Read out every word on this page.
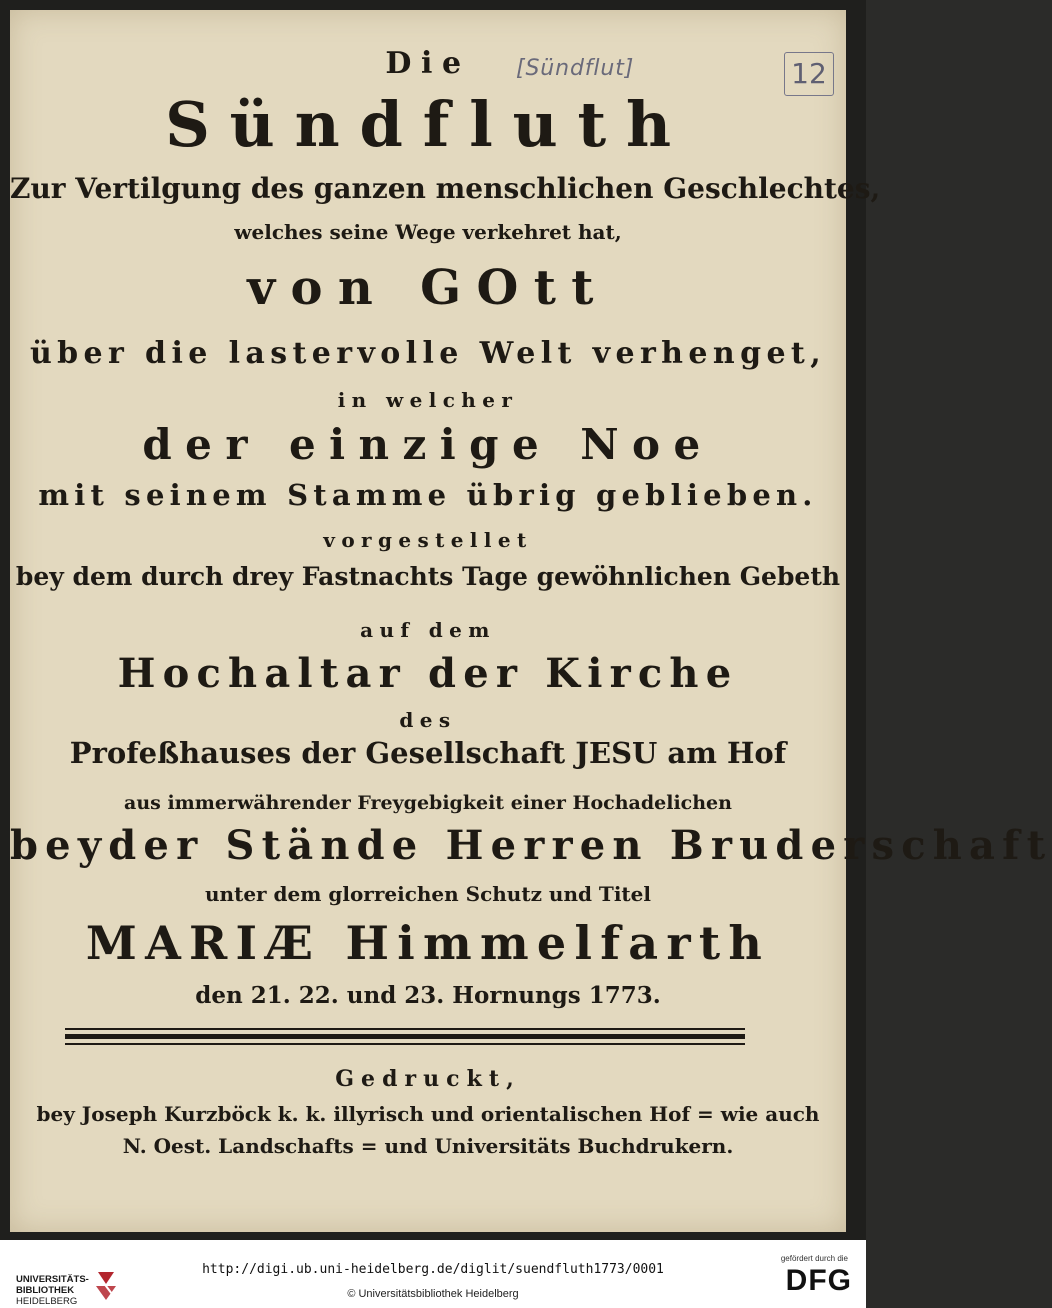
Die
Sündfluth
Zur Vertilgung des ganzen menschlichen Geschlechtes,
welches seine Wege verkehret hat,
von GOtt
über die lastervolle Welt verhenget,
in welcher
der einzige Noe
mit seinem Stamme übrig geblieben.
vorgestellet
bey dem durch drey Fastnachts Tage gewöhnlichen Gebeth
auf dem
Hochaltar der Kirche
des
Profeßhauses der Gesellschaft JESU am Hof
aus immerwährender Freygebigkeit einer Hochadelichen
beyder Stände Herren Bruderschaft
unter dem glorreichen Schutz und Titel
MARIÆ Himmelfarth
den 21. 22. und 23. Hornungs 1773.
Gedruckt,
bey Joseph Kurzböck k. k. illyrisch und orientalischen Hof = wie auch
N. Oest. Landschafts = und Universitäts Buchdrukern.
[Sündflut]	12
UNIVERSITÄTS-
BIBLIOTHEK
HEIDELBERG
http://digi.ub.uni-heidelberg.de/diglit/suendfluth1773/0001
© Universitätsbibliothek Heidelberg
gefördert durch die
DFG
